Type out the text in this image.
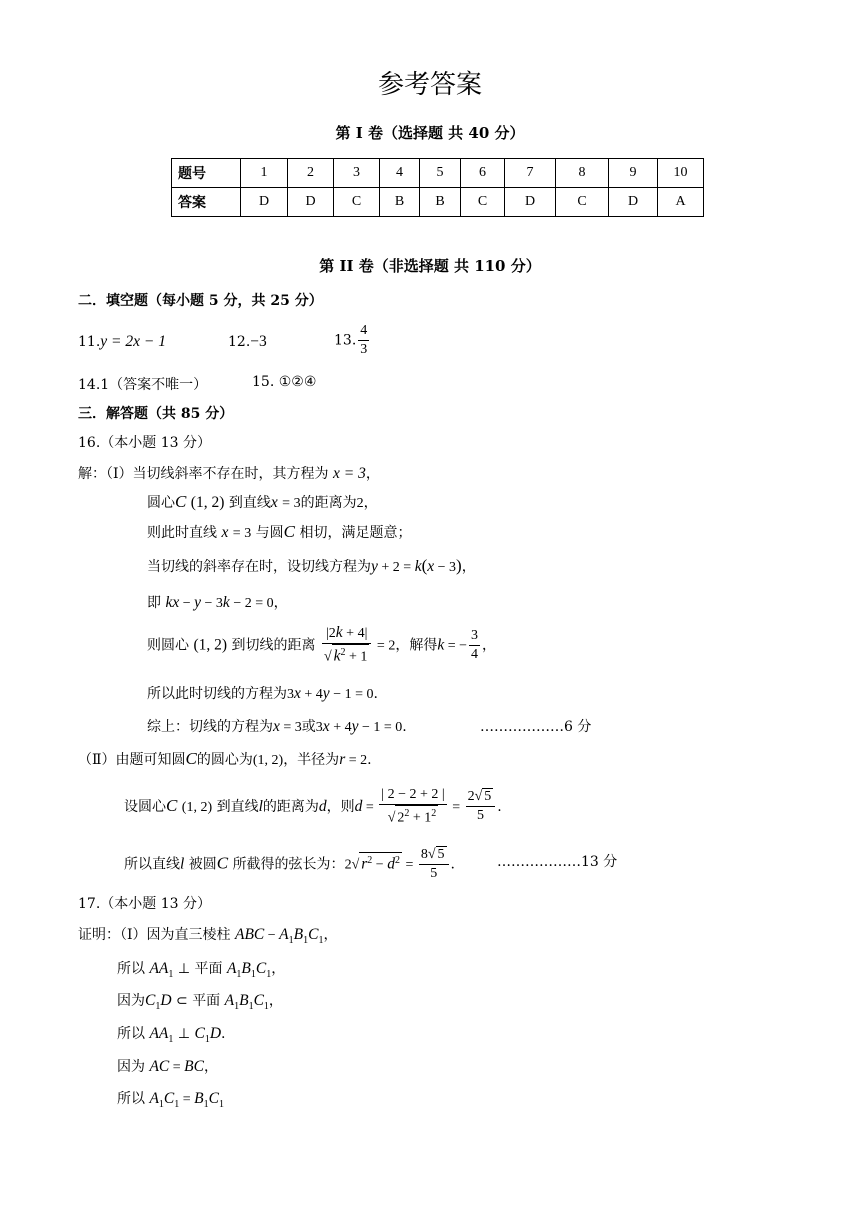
参考答案
第 I 卷（选择题 共 40 分）
题号	1	2	3	4	5	6	7	8	9	10
答案	D	D	C	B	B	C	D	C	D	A
第 II 卷（非选择题 共 110 分）
二．填空题（每小题 5 分，共 25 分）
11.y = 2x − 1	12.−3	13. $\frac{4}{3}$
14.1（答案不唯一）	15. ①②④
三．解答题（共 85 分）
16.（本小题 13 分）
解：（Ⅰ）当切线斜率不存在时，其方程为 x = 3，
圆心C (1, 2) 到直线x = 3的距离为2，
则此时直线 x = 3 与圆C 相切，满足题意；
当切线的斜率存在时，设切线方程为y + 2 = k(x − 3)，
即 kx − y − 3k − 2 = 0，
则圆心 (1, 2) 到切线的距离 $\frac{|2k + 4|}{√ k^2 + 1} = 2$，解得k = − $\frac{3}{4}$ ，
所以此时切线的方程为3x + 4y − 1 = 0.
综上：切线的方程为x = 3或3x + 4y − 1 = 0.	………………6 分
（Ⅱ）由题可知圆C的圆心为(1, 2)，半径为r = 2.
设圆心C (1, 2) 到直线l的距离为d，则$d = \frac{| 2 - 2 + 2 |}{√ 2^2 + 1^2} = \frac{2√ 5}{5}$ .
所以直线l 被圆C 所截得的弦长为：2√ $r^2 - d^2 = \frac{8√ 5}{5}$ .	………………13 分
17.（本小题 13 分）
证明：（Ⅰ）因为直三棱柱 ABC − $A_1B_1C_1$，
所以 $AA_1$ ⊥ 平面 $A_1B_1C_1$，
因为$C_1D$ ⊂ 平面 $A_1B_1C_1$，
所以 $AA_1$ ⊥ $C_1D$.
因为 AC = BC，
所以 $A_1C_1 = B_1C_1$
